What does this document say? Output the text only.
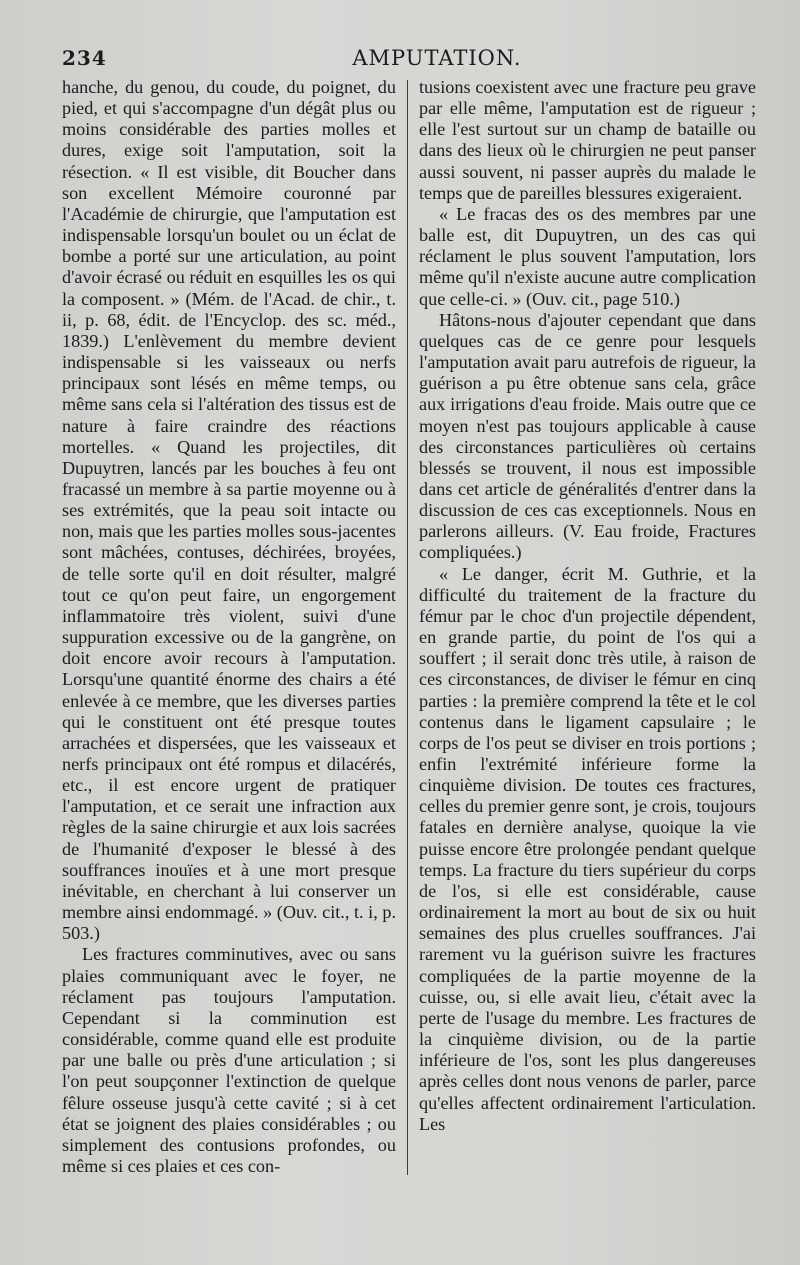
234	AMPUTATION.

hanche, du genou, du coude, du poignet, du pied, et qui s'accompagne d'un dégât plus ou moins considérable des parties molles et dures, exige soit l'amputation, soit la résection. « Il est visible, dit Boucher dans son excellent Mémoire couronné par l'Académie de chirurgie, que l'amputation est indispensable lorsqu'un boulet ou un éclat de bombe a porté sur une articulation, au point d'avoir écrasé ou réduit en esquilles les os qui la composent. » (Mém. de l'Acad. de chir., t. ii, p. 68, édit. de l'Encyclop. des sc. méd., 1839.) L'enlèvement du membre devient indispensable si les vaisseaux ou nerfs principaux sont lésés en même temps, ou même sans cela si l'altération des tissus est de nature à faire craindre des réactions mortelles. « Quand les projectiles, dit Dupuytren, lancés par les bouches à feu ont fracassé un membre à sa partie moyenne ou à ses extrémités, que la peau soit intacte ou non, mais que les parties molles sous-jacentes sont mâchées, contuses, déchirées, broyées, de telle sorte qu'il en doit résulter, malgré tout ce qu'on peut faire, un engorgement inflammatoire très violent, suivi d'une suppuration excessive ou de la gangrène, on doit encore avoir recours à l'amputation. Lorsqu'une quantité énorme des chairs a été enlevée à ce membre, que les diverses parties qui le constituent ont été presque toutes arrachées et dispersées, que les vaisseaux et nerfs principaux ont été rompus et dilacérés, etc., il est encore urgent de pratiquer l'amputation, et ce serait une infraction aux règles de la saine chirurgie et aux lois sacrées de l'humanité d'exposer le blessé à des souffrances inouïes et à une mort presque inévitable, en cherchant à lui conserver un membre ainsi endommagé. » (Ouv. cit., t. i, p. 503.)

Les fractures comminutives, avec ou sans plaies communiquant avec le foyer, ne réclament pas toujours l'amputation. Cependant si la comminution est considérable, comme quand elle est produite par une balle ou près d'une articulation ; si l'on peut soupçonner l'extinction de quelque fêlure osseuse jusqu'à cette cavité ; si à cet état se joignent des plaies considérables ; ou simplement des contusions profondes, ou même si ces plaies et ces con-

tusions coexistent avec une fracture peu grave par elle même, l'amputation est de rigueur ; elle l'est surtout sur un champ de bataille ou dans des lieux où le chirurgien ne peut panser aussi souvent, ni passer auprès du malade le temps que de pareilles blessures exigeraient.

« Le fracas des os des membres par une balle est, dit Dupuytren, un des cas qui réclament le plus souvent l'amputation, lors même qu'il n'existe aucune autre complication que celle-ci. » (Ouv. cit., page 510.)

Hâtons-nous d'ajouter cependant que dans quelques cas de ce genre pour lesquels l'amputation avait paru autrefois de rigueur, la guérison a pu être obtenue sans cela, grâce aux irrigations d'eau froide. Mais outre que ce moyen n'est pas toujours applicable à cause des circonstances particulières où certains blessés se trouvent, il nous est impossible dans cet article de généralités d'entrer dans la discussion de ces cas exceptionnels. Nous en parlerons ailleurs. (V. Eau froide, Fractures compliquées.)

« Le danger, écrit M. Guthrie, et la difficulté du traitement de la fracture du fémur par le choc d'un projectile dépendent, en grande partie, du point de l'os qui a souffert ; il serait donc très utile, à raison de ces circonstances, de diviser le fémur en cinq parties : la première comprend la tête et le col contenus dans le ligament capsulaire ; le corps de l'os peut se diviser en trois portions ; enfin l'extrémité inférieure forme la cinquième division. De toutes ces fractures, celles du premier genre sont, je crois, toujours fatales en dernière analyse, quoique la vie puisse encore être prolongée pendant quelque temps. La fracture du tiers supérieur du corps de l'os, si elle est considérable, cause ordinairement la mort au bout de six ou huit semaines des plus cruelles souffrances. J'ai rarement vu la guérison suivre les fractures compliquées de la partie moyenne de la cuisse, ou, si elle avait lieu, c'était avec la perte de l'usage du membre. Les fractures de la cinquième division, ou de la partie inférieure de l'os, sont les plus dangereuses après celles dont nous venons de parler, parce qu'elles affectent ordinairement l'articulation. Les
